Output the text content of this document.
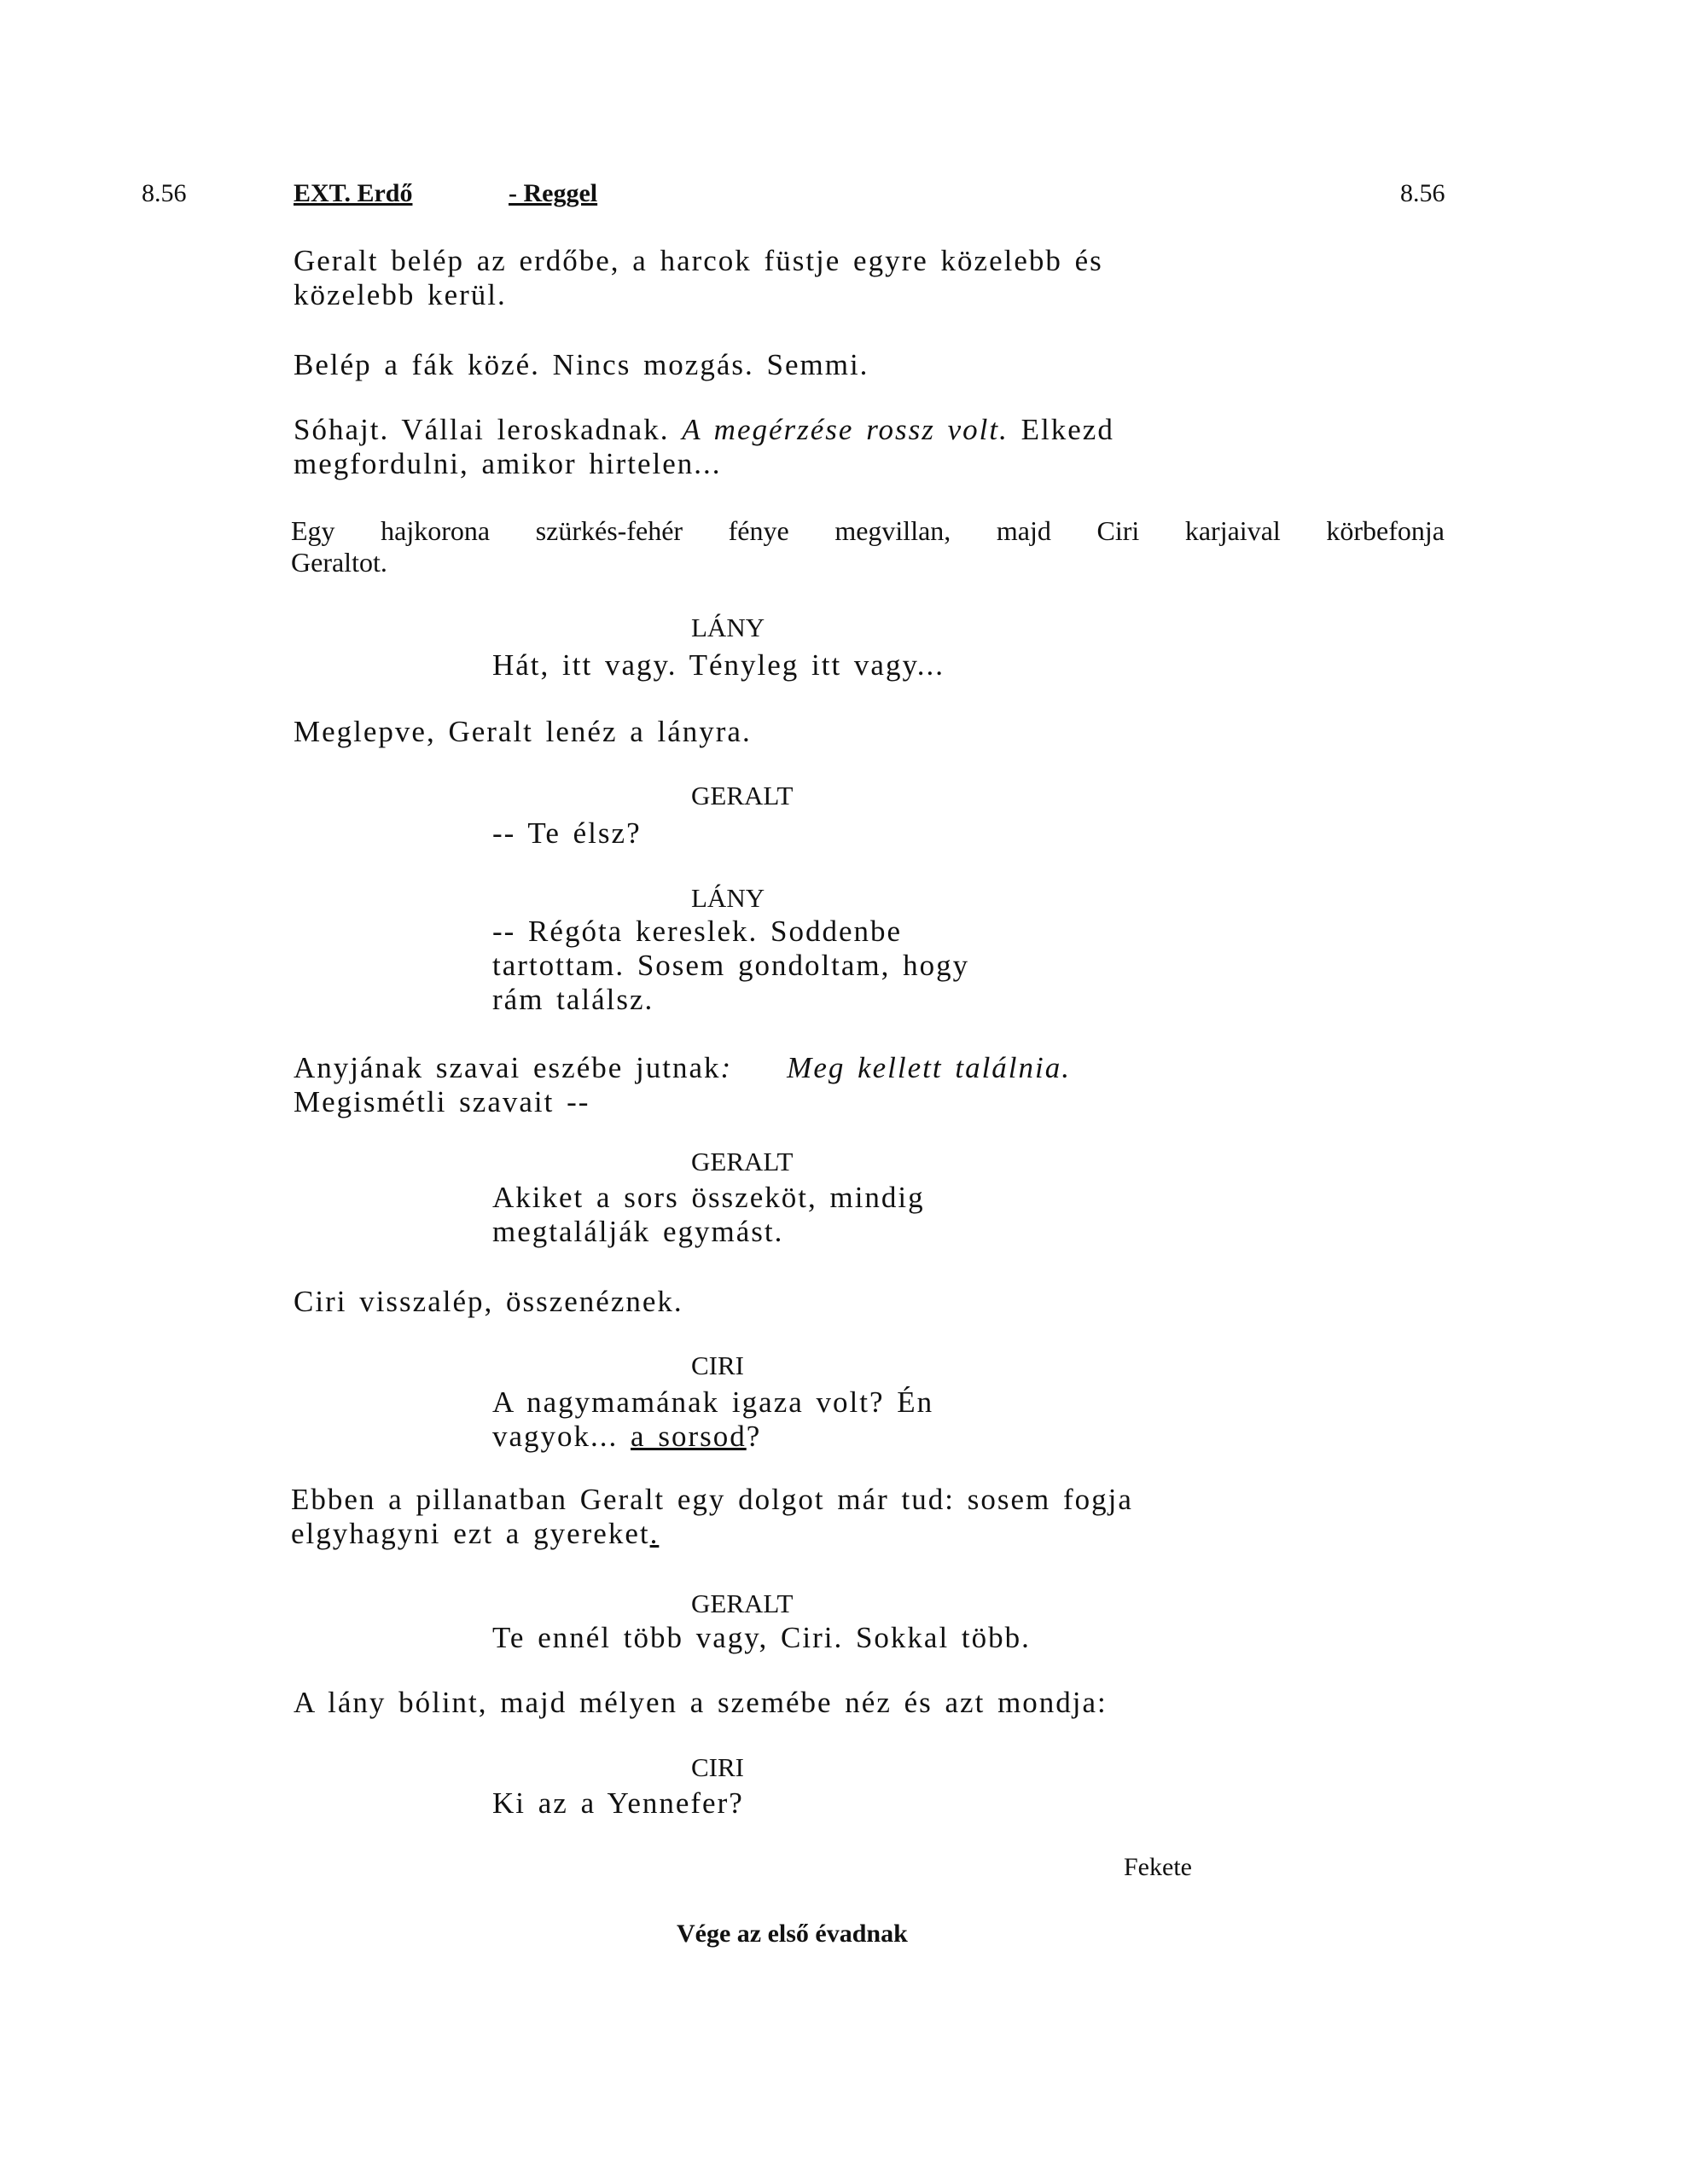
8.56	EXT. Erdő	- Reggel	8.56
Geralt belép az erdőbe, a harcok füstje egyre közelebb és
közelebb kerül.
Belép a fák közé. Nincs mozgás. Semmi.
Sóhajt. Vállai leroskadnak. A megérzése rossz volt. Elkezd
megfordulni, amikor hirtelen...
Egy hajkorona szürkés-fehér fénye megvillan, majd Ciri karjaival körbefonja
Geraltot.
LÁNY
Hát, itt vagy. Tényleg itt vagy...
Meglepve, Geralt lenéz a lányra.
GERALT
-- Te élsz?
LÁNY
-- Régóta kereslek. Soddenbe
tartottam. Sosem gondoltam, hogy
rám találsz.
Anyjának szavai eszébe jutnak: Meg kellett találnia.
Megismétli szavait --
GERALT
Akiket a sors összeköt, mindig
megtalálják egymást.
Ciri visszalép, összenéznek.
CIRI
A nagymamának igaza volt? Én
vagyok... a sorsod?
Ebben a pillanatban Geralt egy dolgot már tud: sosem fogja
elgyhagyni ezt a gyereket.
GERALT
Te ennél több vagy, Ciri. Sokkal több.
A lány bólint, majd mélyen a szemébe néz és azt mondja:
CIRI
Ki az a Yennefer?
Fekete
Vége az első évadnak
